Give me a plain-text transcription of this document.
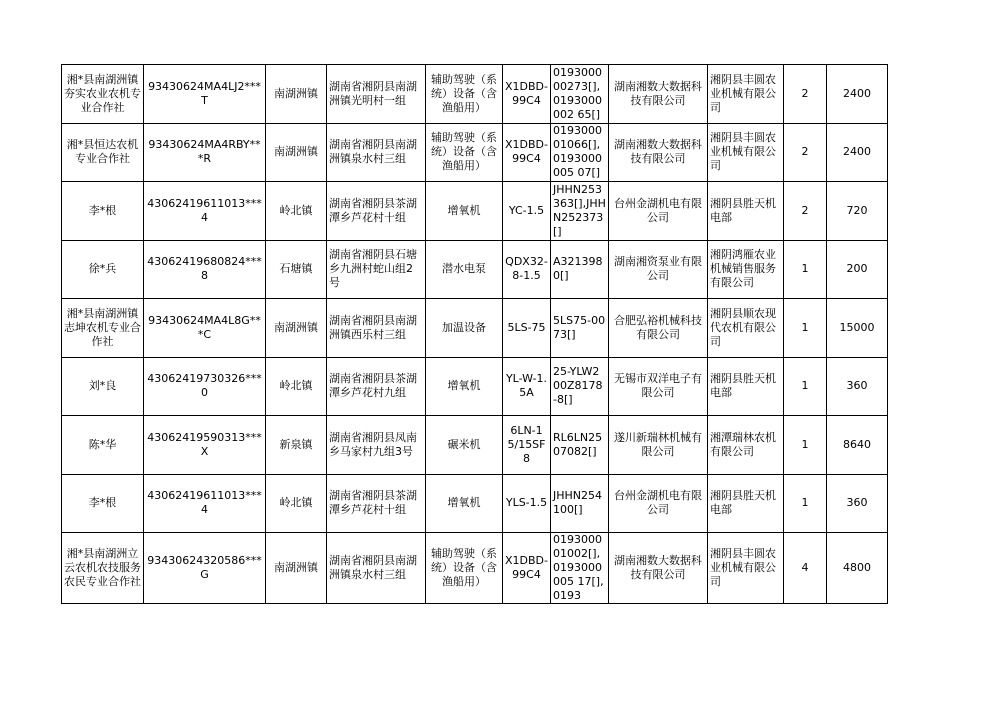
湘*县南湖洲镇夯实农业农机专业合作社	93430624MA4LJ2***T	南湖洲镇	湖南省湘阴县南湖洲镇光明村一组	辅助驾驶（系统）设备（含渔船用）	X1DBD-99C4	019300000273[],0193000002 65[]	湖南湘数大数据科技有限公司	湘阴县丰圆农业机械有限公司	2	2400
湘*县恒达农机专业合作社	93430624MA4RBY***R	南湖洲镇	湖南省湘阴县南湖洲镇泉水村三组	辅助驾驶（系统）设备（含渔船用）	X1DBD-99C4	019300001066[],0193000005 07[]	湖南湘数大数据科技有限公司	湘阴县丰圆农业机械有限公司	2	2400
李*根	43062419611013***4	岭北镇	湖南省湘阴县茶湖潭乡芦花村十组	增氧机	YC-1.5	JHHN253363[],JHHN252373[]	台州金湖机电有限公司	湘阴县胜天机电部	2	720
徐*兵	43062419680824***8	石塘镇	湖南省湘阴县石塘乡九洲村蛇山组2号	潜水电泵	QDX32-8-1.5	A3213980[]	湖南湘资泵业有限公司	湘阴鸿雁农业机械销售服务有限公司	1	200
湘*县南湖洲镇志坤农机专业合作社	93430624MA4L8G***C	南湖洲镇	湖南省湘阴县南湖洲镇西乐村三组	加温设备	5LS-75	5LS75-0073[]	合肥弘裕机械科技有限公司	湘阴县顺农现代农机有限公司	1	15000
刘*良	43062419730326***0	岭北镇	湖南省湘阴县茶湖潭乡芦花村九组	增氧机	YL-W-1.5A	25-YLW200Z8178-8[]	无锡市双洋电子有限公司	湘阴县胜天机电部	1	360
陈*华	43062419590313***X	新泉镇	湖南省湘阴县凤南乡马家村九组3号	碾米机	6LN-15/15SF8	RL6LN2507082[]	遂川新瑞林机械有限公司	湘潭瑞林农机有限公司	1	8640
李*根	43062419611013***4	岭北镇	湖南省湘阴县茶湖潭乡芦花村十组	增氧机	YLS-1.5	JHHN254100[]	台州金湖机电有限公司	湘阴县胜天机电部	1	360
湘*县南湖洲立云农机农技服务农民专业合作社	93430624320586***G	南湖洲镇	湖南省湘阴县南湖洲镇泉水村三组	辅助驾驶（系统）设备（含渔船用）	X1DBD-99C4	019300001002[],0193000005 17[],0193	湖南湘数大数据科技有限公司	湘阴县丰圆农业机械有限公司	4	4800
